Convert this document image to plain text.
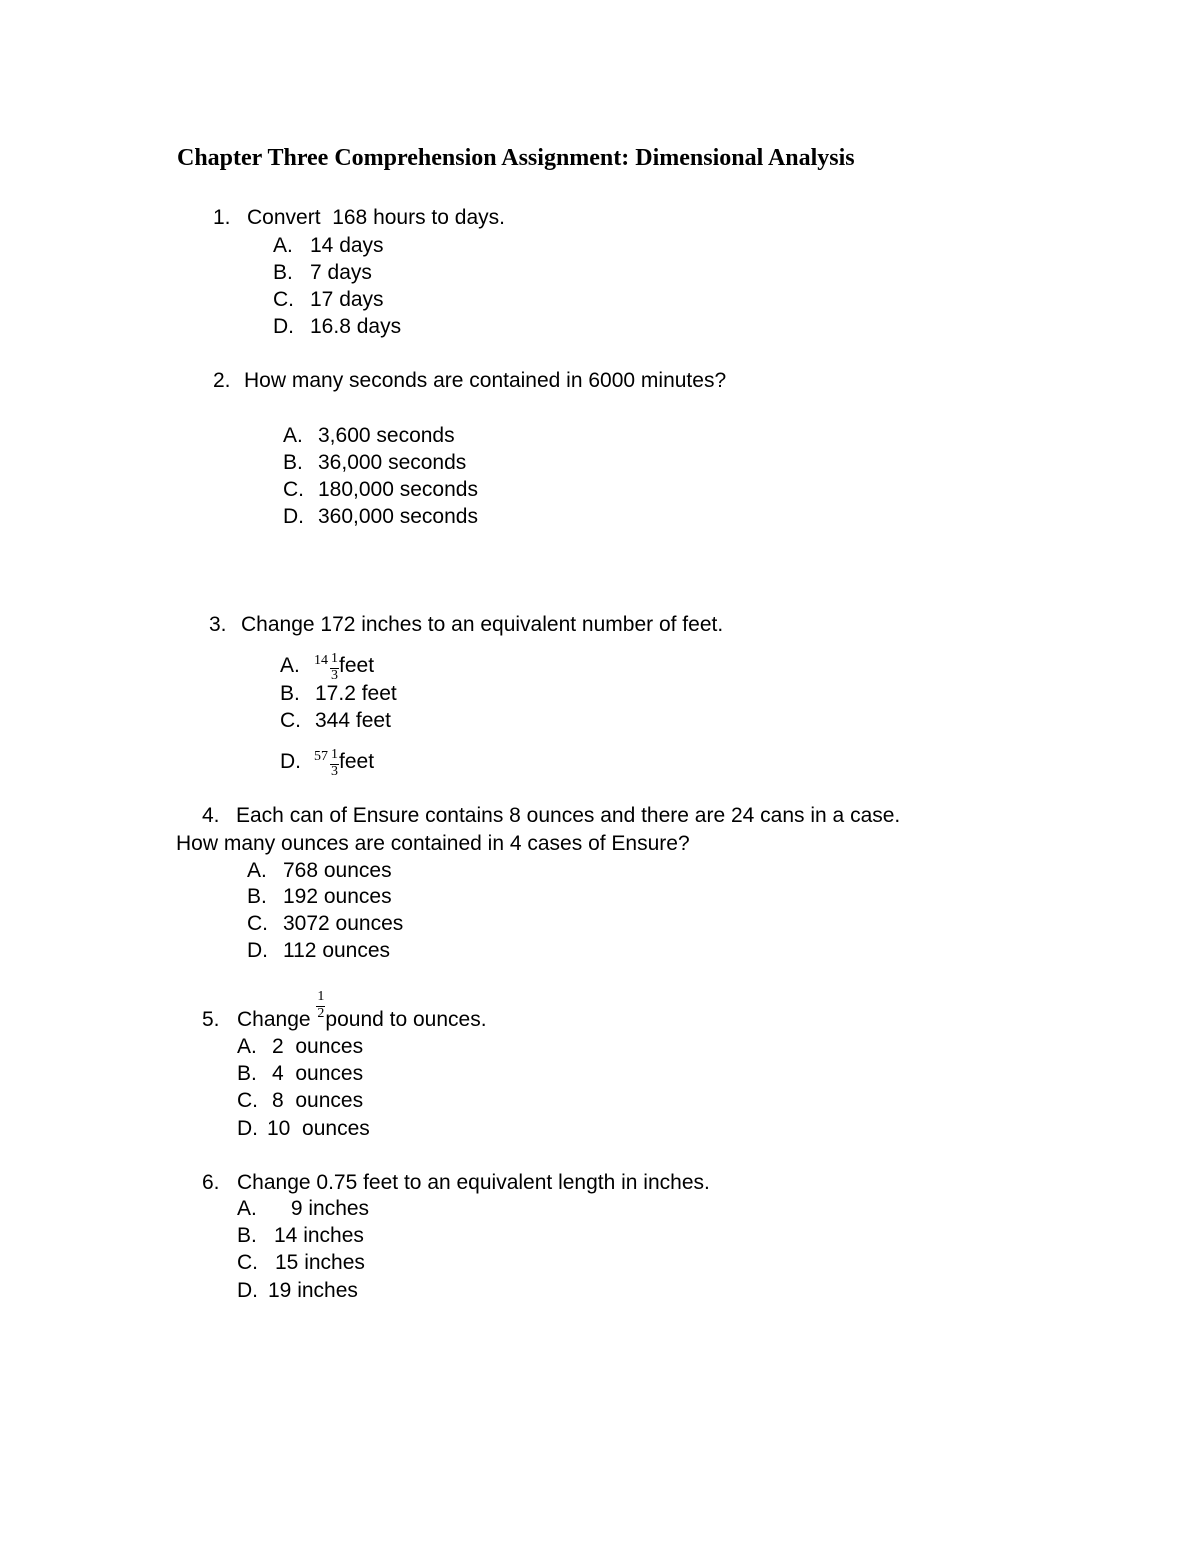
Chapter Three Comprehension Assignment: Dimensional Analysis
1. Convert  168 hours to days.
A. 14 days
B. 7 days
C. 17 days
D. 16.8 days
2. How many seconds are contained in 6000 minutes?
A. 3,600 seconds
B. 36,000 seconds
C. 180,000 seconds
D. 360,000 seconds
3. Change 172 inches to an equivalent number of feet.
A. 14
$\frac{1}{3}$ feet
B. 17.2 feet
C. 344 feet
D. 57
$\frac{1}{3}$ feet
4. Each can of Ensure contains 8 ounces and there are 24 cans in a case.
How many ounces are contained in 4 cases of Ensure?
A. 768 ounces
B. 192 ounces
C. 3072 ounces
D. 112 ounces
5. Change $\frac{1}{2}$ pound to ounces.
A. 2  ounces
B. 4  ounces
C. 8  ounces
D. 10  ounces
6. Change 0.75 feet to an equivalent length in inches.
A. 9 inches
B. 14 inches
C. 15 inches
D. 19 inches
